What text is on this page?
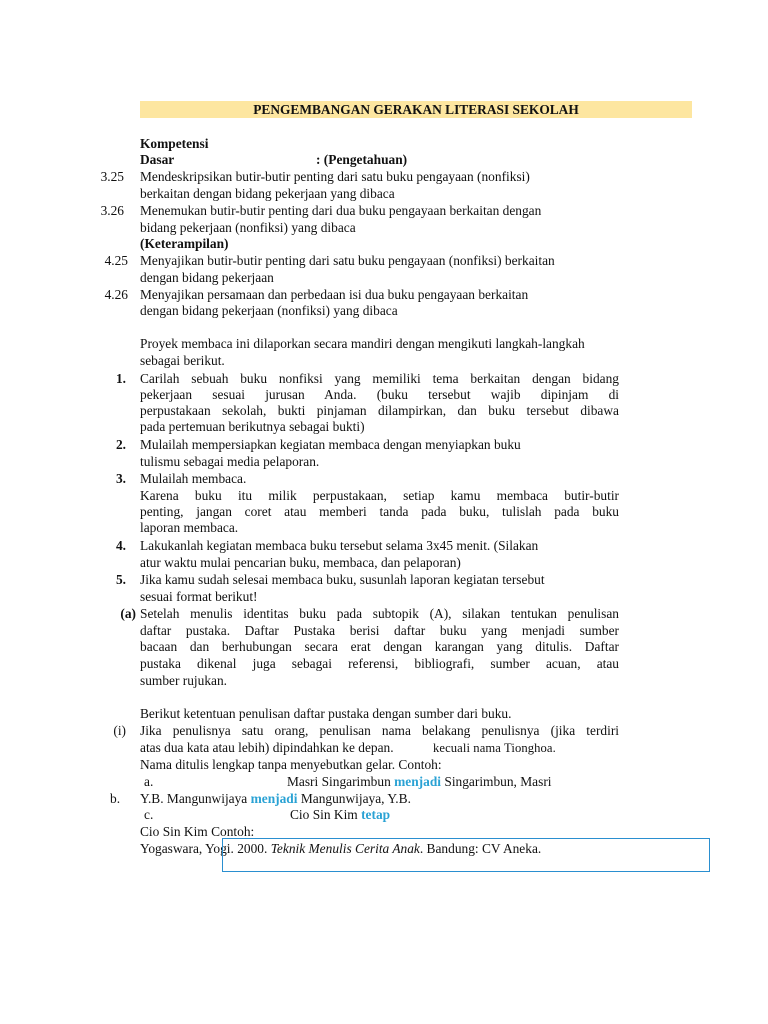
PENGEMBANGAN GERAKAN LITERASI SEKOLAH
Kompetensi
Dasar	: (Pengetahuan)
3.25 Mendeskripsikan butir-butir penting dari satu buku pengayaan (nonfiksi)
berkaitan dengan bidang pekerjaan yang dibaca
3.26 Menemukan butir-butir penting dari dua buku pengayaan berkaitan dengan
bidang pekerjaan (nonfiksi) yang dibaca
(Keterampilan)
4.25 Menyajikan butir-butir penting dari satu buku pengayaan (nonfiksi) berkaitan
dengan bidang pekerjaan
4.26 Menyajikan persamaan dan perbedaan isi dua buku pengayaan berkaitan
dengan bidang pekerjaan (nonfiksi) yang dibaca
Proyek membaca ini dilaporkan secara mandiri dengan mengikuti langkah-langkah
sebagai berikut.
1. Carilah sebuah buku nonfiksi yang memiliki tema berkaitan dengan bidang
pekerjaan sesuai jurusan Anda. (buku tersebut wajib dipinjam di
perpustakaan sekolah, bukti pinjaman dilampirkan, dan buku tersebut dibawa
pada pertemuan berikutnya sebagai bukti)
2. Mulailah mempersiapkan kegiatan membaca dengan menyiapkan buku
tulismu sebagai media pelaporan.
3. Mulailah membaca.
Karena buku itu milik perpustakaan, setiap kamu membaca butir-butir
penting, jangan coret atau memberi tanda pada buku, tulislah pada buku
laporan membaca.
4. Lakukanlah kegiatan membaca buku tersebut selama 3x45 menit. (Silakan
atur waktu mulai pencarian buku, membaca, dan pelaporan)
5. Jika kamu sudah selesai membaca buku, susunlah laporan kegiatan tersebut
sesuai format berikut!
(a) Setelah menulis identitas buku pada subtopik (A), silakan tentukan penulisan
daftar pustaka. Daftar Pustaka berisi daftar buku yang menjadi sumber
bacaan dan berhubungan secara erat dengan karangan yang ditulis. Daftar
pustaka dikenal juga sebagai referensi, bibliografi, sumber acuan, atau
sumber rujukan.
Berikut ketentuan penulisan daftar pustaka dengan sumber dari buku.
(i) Jika penulisnya satu orang, penulisan nama belakang penulisnya (jika terdiri
atas dua kata atau lebih) dipindahkan ke depan.	kecuali nama Tionghoa.
Nama ditulis lengkap tanpa menyebutkan gelar. Contoh:
a.	Masri Singarimbun menjadi Singarimbun, Masri
b. Y.B. Mangunwijaya menjadi Mangunwijaya, Y.B.
c.	Cio Sin Kim tetap
Cio Sin Kim Contoh:
Yogaswara, Yogi. 2000. Teknik Menulis Cerita Anak. Bandung: CV Aneka.
